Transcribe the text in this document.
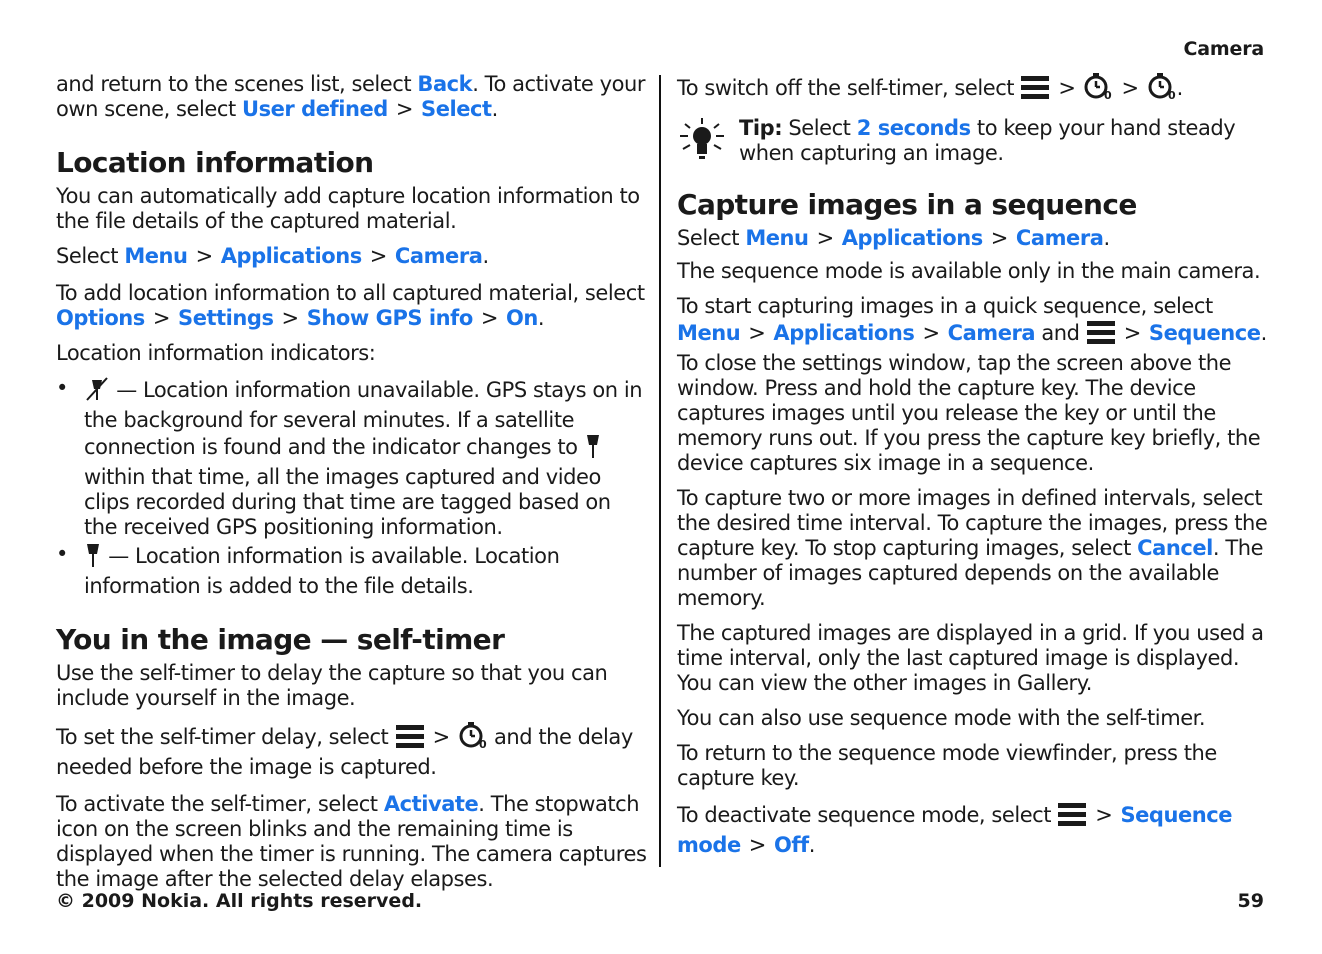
Camera

and return to the scenes list, select Back. To activate your own scene, select User defined > Select.

Location information

You can automatically add capture location information to the file details of the captured material.

Select Menu > Applications > Camera.

To add location information to all captured material, select Options > Settings > Show GPS info > On.

Location information indicators:

• — Location information unavailable. GPS stays on in the background for several minutes. If a satellite connection is found and the indicator changes to within that time, all the images captured and video clips recorded during that time are tagged based on the received GPS positioning information.
• — Location information is available. Location information is added to the file details.
You in the image — self-timer

Use the self-timer to delay the capture so that you can include yourself in the image.

To set the self-timer delay, select >	0 and the delay needed before the image is captured.

To activate the self-timer, select Activate. The stopwatch icon on the screen blinks and the remaining time is displayed when the timer is running. The camera captures the image after the selected delay elapses.

To switch off the self-timer, select >	0 >	0 .

Tip: Select 2 seconds to keep your hand steady when capturing an image.

Capture images in a sequence

Select Menu > Applications > Camera.

The sequence mode is available only in the main camera.

To start capturing images in a quick sequence, select Menu > Applications > Camera and > Sequence. To close the settings window, tap the screen above the window. Press and hold the capture key. The device captures images until you release the key or until the memory runs out. If you press the capture key briefly, the device captures six image in a sequence.

To capture two or more images in defined intervals, select the desired time interval. To capture the images, press the capture key. To stop capturing images, select Cancel. The number of images captured depends on the available memory.

The captured images are displayed in a grid. If you used a time interval, only the last captured image is displayed. You can view the other images in Gallery.

You can also use sequence mode with the self-timer.

To return to the sequence mode viewfinder, press the capture key.

To deactivate sequence mode, select > Sequence mode > Off.

© 2009 Nokia. All rights reserved.	59
